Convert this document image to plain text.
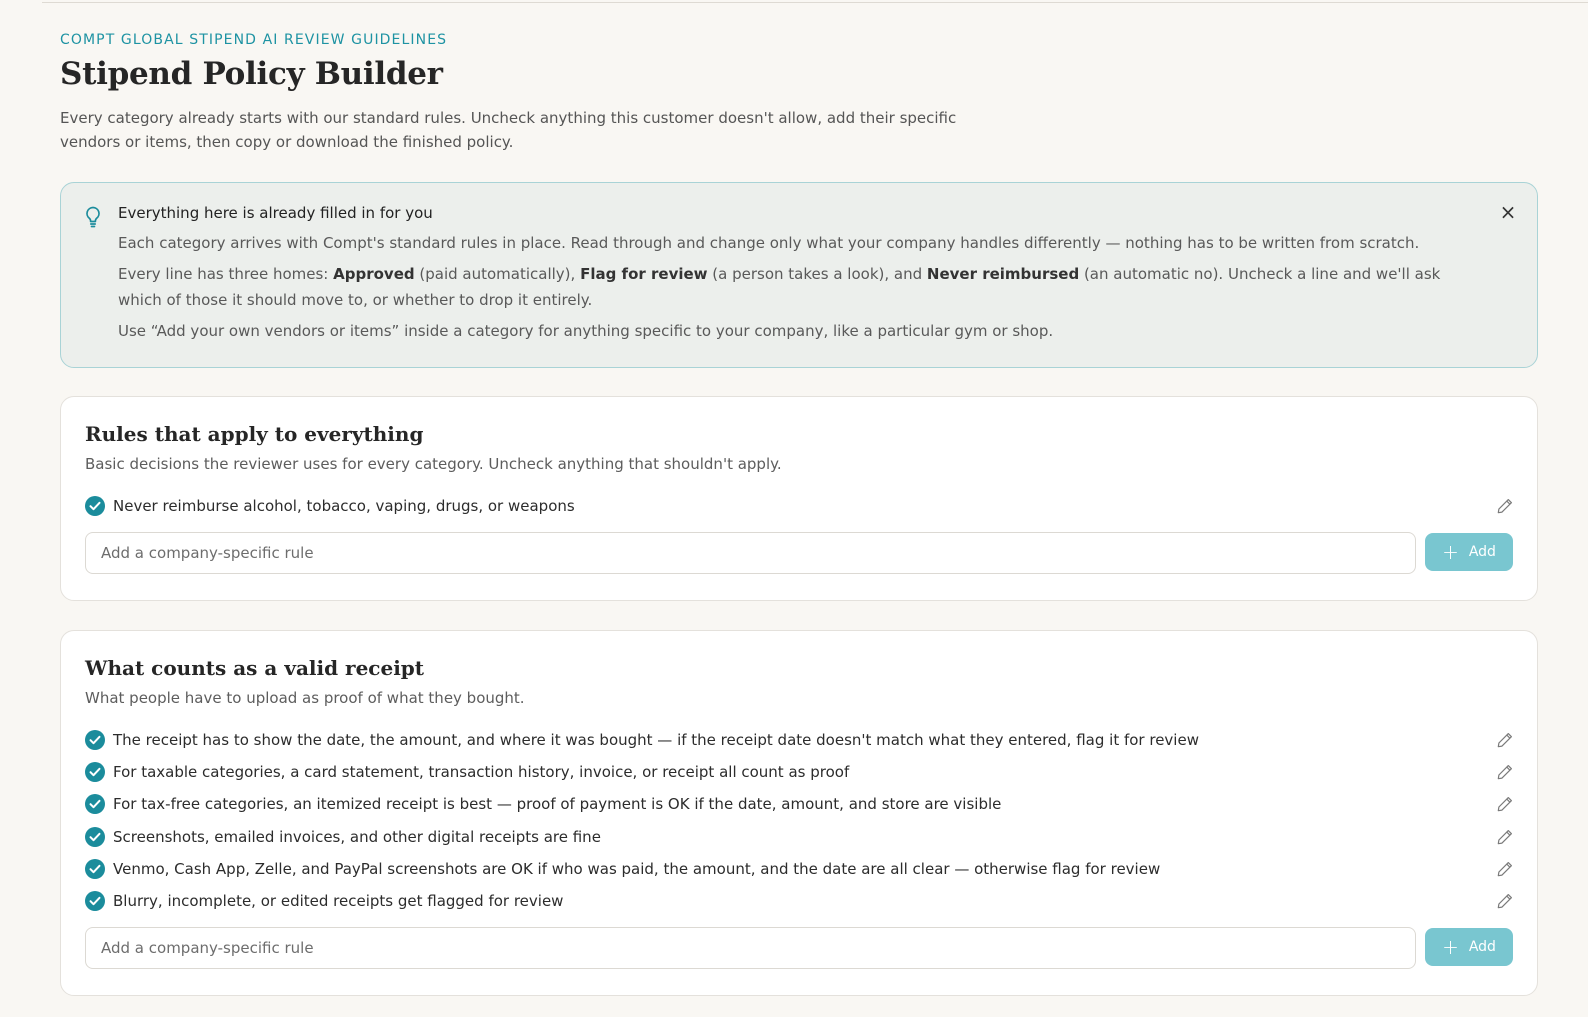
COMPT GLOBAL STIPEND AI REVIEW GUIDELINES
Stipend Policy Builder

Every category already starts with our standard rules. Uncheck anything this customer doesn't allow, add their specific vendors or items, then copy or download the finished policy.

×
Everything here is already filled in for you

Each category arrives with Compt's standard rules in place. Read through and change only what your company handles differently — nothing has to be written from scratch.

Every line has three homes: Approved (paid automatically), Flag for review (a person takes a look), and Never reimbursed (an automatic no). Uncheck a line and we'll ask which of those it should move to, or whether to drop it entirely.

Use “Add your own vendors or items” inside a category for anything specific to your company, like a particular gym or shop.

Rules that apply to everything

Basic decisions the reviewer uses for every category. Uncheck anything that shouldn't apply.

Never reimburse alcohol, tobacco, vaping, drugs, or weapons
Add a company-specific rule
+ Add
What counts as a valid receipt

What people have to upload as proof of what they bought.

The receipt has to show the date, the amount, and where it was bought — if the receipt date doesn't match what they entered, flag it for review
For taxable categories, a card statement, transaction history, invoice, or receipt all count as proof
For tax-free categories, an itemized receipt is best — proof of payment is OK if the date, amount, and store are visible
Screenshots, emailed invoices, and other digital receipts are fine
Venmo, Cash App, Zelle, and PayPal screenshots are OK if who was paid, the amount, and the date are all clear — otherwise flag for review
Blurry, incomplete, or edited receipts get flagged for review
Add a company-specific rule
+ Add
